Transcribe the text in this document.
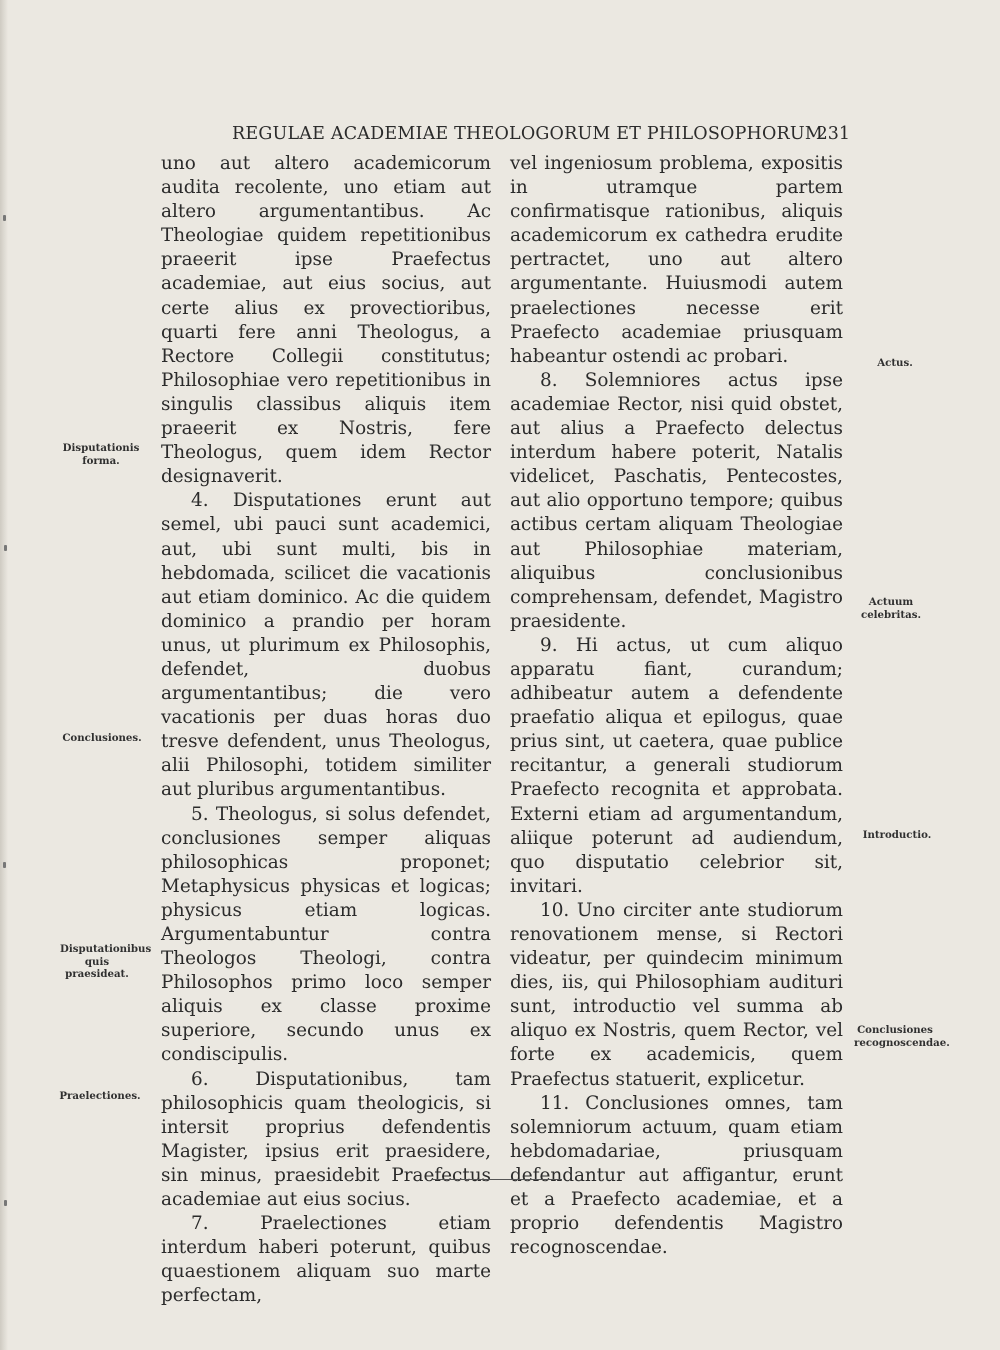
REGULAE ACADEMIAE THEOLOGORUM ET PHILOSOPHORUM
231
Disputationis forma.
Conclusiones.
Disputationibus quis praesideat.
Praelectiones.
Actus.
Actuum celebritas.
Introductio.
Conclusiones recognoscendae.

uno aut altero academicorum audita recolente, uno etiam aut altero argumentantibus. Ac Theologiae quidem repetitionibus praeerit ipse Praefectus academiae, aut eius socius, aut certe alius ex provectioribus, quarti fere anni Theologus, a Rectore Collegii constitutus; Philosophiae vero repetitionibus in singulis classibus aliquis item praeerit ex Nostris, fere Theologus, quem idem Rector designaverit.

4. Disputationes erunt aut semel, ubi pauci sunt academici, aut, ubi sunt multi, bis in hebdomada, scilicet die vacationis aut etiam dominico. Ac die quidem dominico a prandio per horam unus, ut plurimum ex Philosophis, defendet, duobus argumentantibus; die vero vacationis per duas horas duo tresve defendent, unus Theologus, alii Philosophi, totidem similiter aut pluribus argumentantibus.

5. Theologus, si solus defendet, conclusiones semper aliquas philosophicas proponet; Metaphysicus physicas et logicas; physicus etiam logicas. Argumentabuntur contra Theologos Theologi, contra Philosophos primo loco semper aliquis ex classe proxime superiore, secundo unus ex condiscipulis.

6. Disputationibus, tam philosophicis quam theologicis, si intersit proprius defendentis Magister, ipsius erit praesidere, sin minus, praesidebit Praefectus academiae aut eius socius.

7. Praelectiones etiam interdum haberi poterunt, quibus quaestionem aliquam suo marte perfectam,

vel ingeniosum problema, expositis in utramque partem confirmatisque rationibus, aliquis academicorum ex cathedra erudite pertractet, uno aut altero argumentante. Huiusmodi autem praelectiones necesse erit Praefecto academiae priusquam habeantur ostendi ac probari.

8. Solemniores actus ipse academiae Rector, nisi quid obstet, aut alius a Praefecto delectus interdum habere poterit, Natalis videlicet, Paschatis, Pentecostes, aut alio opportuno tempore; quibus actibus certam aliquam Theologiae aut Philosophiae materiam, aliquibus conclusionibus comprehensam, defendet, Magistro praesidente.

9. Hi actus, ut cum aliquo apparatu fiant, curandum; adhibeatur autem a defendente praefatio aliqua et epilogus, quae prius sint, ut caetera, quae publice recitantur, a generali studiorum Praefecto recognita et approbata. Externi etiam ad argumentandum, aliique poterunt ad audiendum, quo disputatio celebrior sit, invitari.

10. Uno circiter ante studiorum renovationem mense, si Rectori videatur, per quindecim minimum dies, iis, qui Philosophiam audituri sunt, introductio vel summa ab aliquo ex Nostris, quem Rector, vel forte ex academicis, quem Praefectus statuerit, explicetur.

11. Conclusiones omnes, tam solemniorum actuum, quam etiam hebdomadariae, priusquam defendantur aut affigantur, erunt et a Praefecto academiae, et a proprio defendentis Magistro recognoscendae.
